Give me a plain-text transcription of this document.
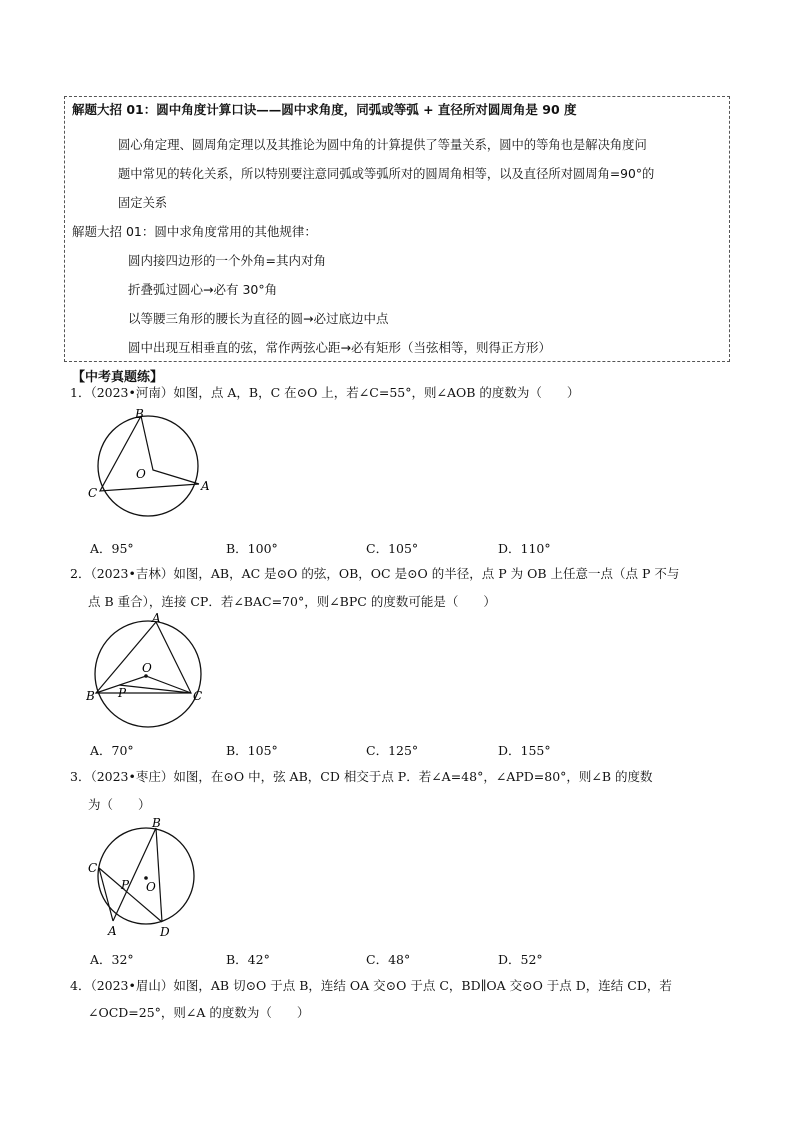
解题大招 01：圆中角度计算口诀——圆中求角度，同弧或等弧 + 直径所对圆周角是 90 度
圆心角定理、圆周角定理以及其推论为圆中角的计算提供了等量关系，圆中的等角也是解决角度问
题中常见的转化关系，所以特别要注意同弧或等弧所对的圆周角相等，以及直径所对圆周角=90°的
固定关系
解题大招 01：圆中求角度常用的其他规律：
圆内接四边形的一个外角=其内对角
折叠弧过圆心→必有 30°角
以等腰三角形的腰长为直径的圆→必过底边中点
圆中出现互相垂直的弦，常作两弦心距→必有矩形（当弦相等，则得正方形）
【中考真题练】
1．（2023•河南）如图，点 A，B，C 在⊙O 上，若∠C=55°，则∠AOB 的度数为（　　）
B
O
C	A
A．95°	B．100°	C．105°	D．110°
2．（2023•吉林）如图，AB，AC 是⊙O 的弦，OB，OC 是⊙O 的半径，点 P 为 OB 上任意一点（点 P 不与
点 B 重合），连接 CP．若∠BAC=70°，则∠BPC 的度数可能是（　　）
A
O
B P	C
A．70°	B．105°	C．125°	D．155°
3．（2023•枣庄）如图，在⊙O 中，弦 AB，CD 相交于点 P．若∠A=48°，∠APD=80°，则∠B 的度数
为（　　）
B
C
P O
A	D
A．32°	B．42°	C．48°	D．52°
4．（2023•眉山）如图，AB 切⊙O 于点 B，连结 OA 交⊙O 于点 C，BD∥OA 交⊙O 于点 D，连结 CD，若
∠OCD=25°，则∠A 的度数为（　　）
